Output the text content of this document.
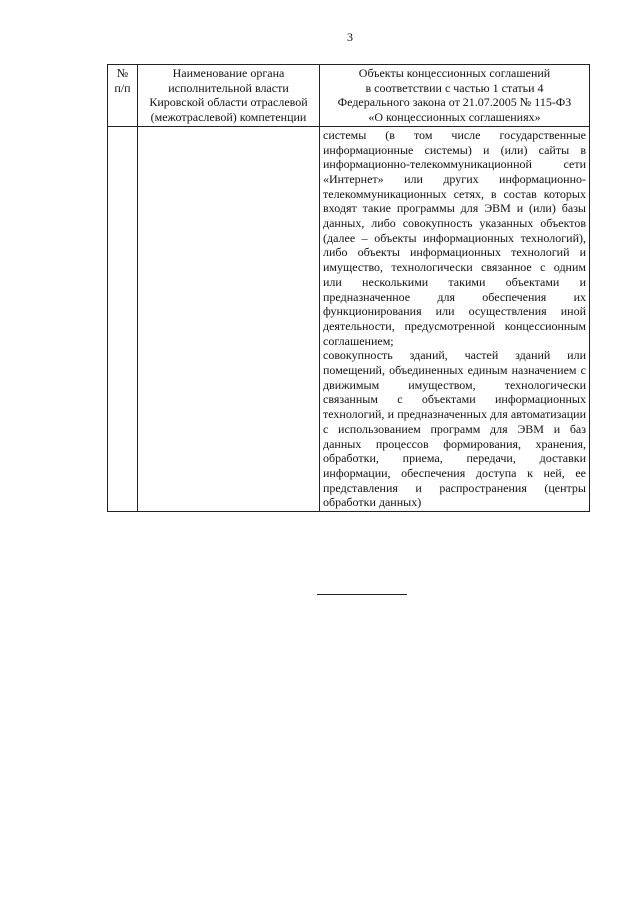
3
№ п/п	Наименование органа исполнительной власти Кировской области отраслевой (межотраслевой) компетенции	Объекты концессионных соглашений
в соответствии с частью 1 статьи 4
Федерального закона от 21.07.2005 № 115-ФЗ
«О концессионных соглашениях»

		системы (в том числе государственные информационные системы) и (или) сайты в информационно-телекоммуникационной сети «Интернет» или других информационно-телекоммуникационных сетях, в состав которых входят такие программы для ЭВМ и (или) базы данных, либо совокупность указанных объектов (далее – объекты информационных технологий), либо объекты информационных технологий и имущество, технологически связанное с одним или несколькими такими объектами и предназначенное для обеспечения их функционирования или осуществления иной деятельности, предусмотренной концессионным соглашением;

совокупность зданий, частей зданий или помещений, объединенных единым назначением с движимым имуществом, технологически связанным с объектами информационных технологий, и предназначенных для автоматизации с использованием программ для ЭВМ и баз данных процессов формирования, хранения, обработки, приема, передачи, доставки информации, обеспечения доступа к ней, ее представления и распространения (центры обработки данных)
